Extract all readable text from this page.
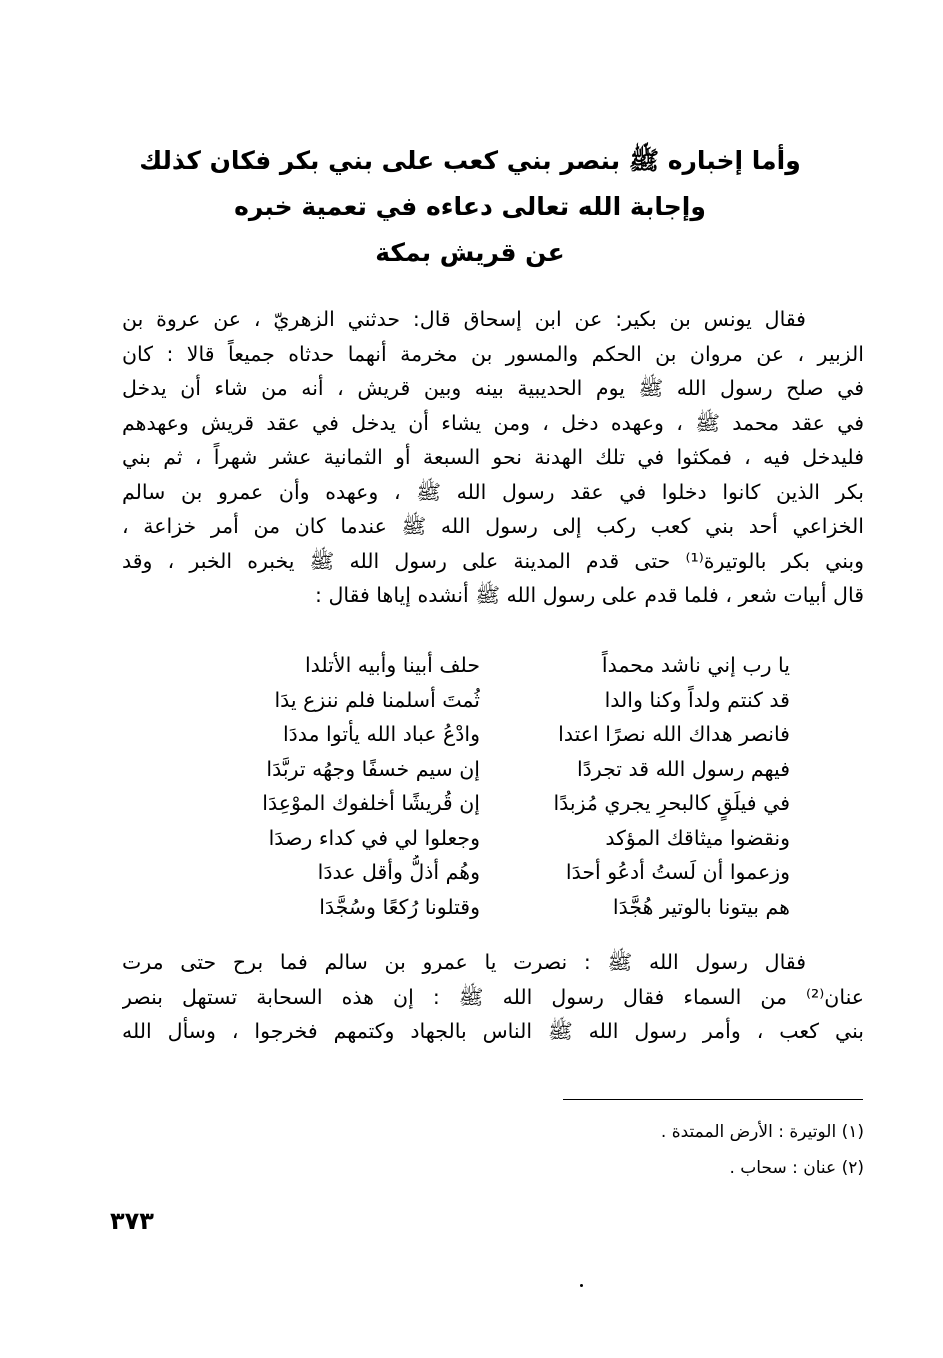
وأما إخباره ﷺ بنصر بني كعب على بني بكر فكان كذلك
وإجابة الله تعالى دعاءه في تعمية خبره
عن قريش بمكة
فقال يونس بن بكير: عن ابن إسحاق قال: حدثني الزهريّ ، عن عروة بن
الزبير ، عن مروان بن الحكم والمسور بن مخرمة أنهما حدثاه جميعاً قالا : كان
في صلح رسول الله ﷺ يوم الحديبية بينه وبين قريش ، أنه من شاء أن يدخل
في عقد محمد ﷺ ، وعهده دخل ، ومن يشاء أن يدخل في عقد قريش وعهدهم
فليدخل فيه ، فمكثوا في تلك الهدنة نحو السبعة أو الثمانية عشر شهراً ، ثم بني
بكر الذين كانوا دخلوا في عقد رسول الله ﷺ ، وعهده وأن عمرو بن سالم
الخزاعي أحد بني كعب ركب إلى رسول الله ﷺ عندما كان من أمر خزاعة ،
وبني بكر بالوتيرة⁽¹⁾ حتى قدم المدينة على رسول الله ﷺ يخبره الخبر ، وقد
قال أبيات شعر ، فلما قدم على رسول الله ﷺ أنشده إياها فقال :
يا رب إني ناشد محمداً
حلف أبينا وأبيه الأتلدا
قد كنتم ولداً وكنا والدا
ثُمتَ أسلمنا فلم ننزع يدَا
فانصر هداك الله نصرًا اعتدا
وادْعُ عباد الله يأتوا مددَا
فيهم رسول الله قد تجردًا
إن سيم خسفًا وجهُه تربَّدَا
في فيلَقٍ كالبحرِ يجري مُزبدًا
إن قُريشًا أخلفوك الموْعِدَا
ونقضوا ميثاقك المؤكد
وجعلوا لي في كداء رصدَا
وزعموا أن لَستُ أدعُو أحدَا
وهُم أذلُّ وأقل عددَا
هم بيتونا بالوتير هُجَّدَا
وقتلونا رُكعًا وسُجَّدَا
فقال رسول الله ﷺ : نصرت يا عمرو بن سالم فما برح حتى مرت
عنان⁽²⁾ من السماء فقال رسول الله ﷺ : إن هذه السحابة تستهل بنصر
بني كعب ، وأمر رسول الله ﷺ الناس بالجهاد وكتمهم فخرجوا ، وسأل الله
(١) الوتيرة : الأرض الممتدة .
(٢) عنان : سحاب .
٣٧٣
